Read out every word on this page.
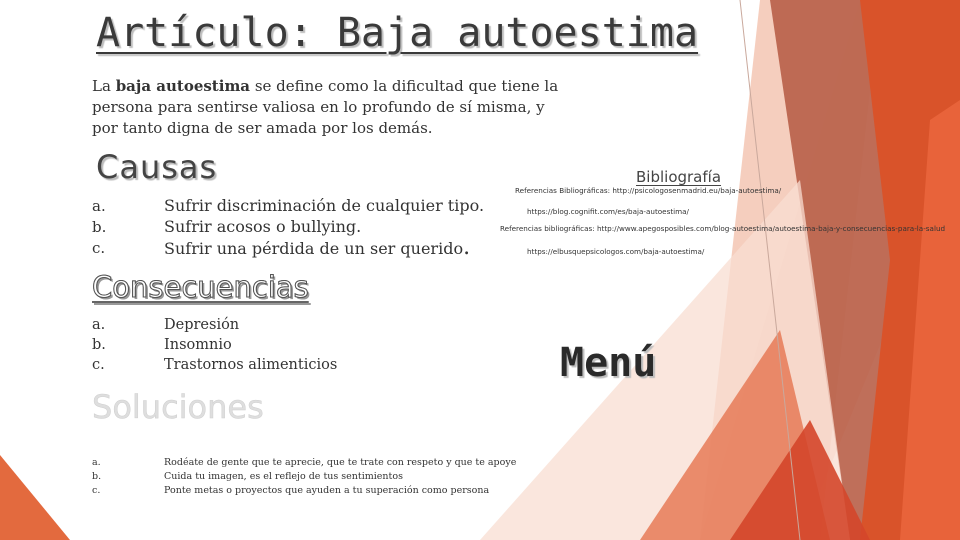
Artículo: Baja autoestima
La baja autoestima se define como la dificultad que tiene la persona para sentirse valiosa en lo profundo de sí misma, y por tanto digna de ser amada por los demás.
Causas
a.	Sufrir discriminación de cualquier tipo.
b.	Sufrir acosos o bullying.
c.	Sufrir una pérdida de un ser querido.
Consecuencias
a.	Depresión
b.	Insomnio
c.	Trastornos alimenticios
Soluciones
a.	Rodéate de gente que te aprecie, que te trate con respeto y que te apoye
b.	Cuida tu imagen, es el reflejo de tus sentimientos
c.	Ponte metas o proyectos que ayuden a tu superación como persona
Bibliografía
Referencias Bibliográficas: http://psicologosenmadrid.eu/baja-autoestima/
https://blog.cognifit.com/es/baja-autoestima/
Referencias bibliográficas: http://www.apegosposibles.com/blog-autoestima/autoestima-baja-y-consecuencias-para-la-salud
https://elbusquepsicologos.com/baja-autoestima/
Menú
